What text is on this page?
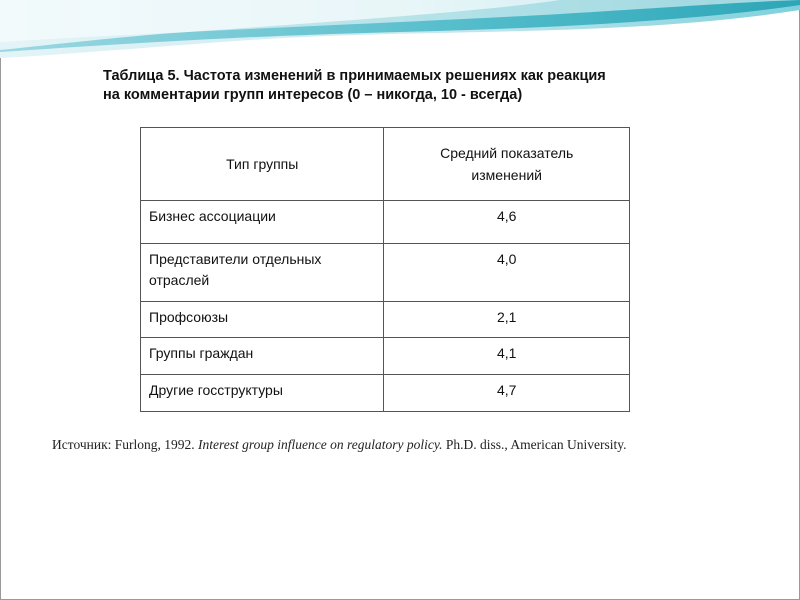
Таблица 5. Частота изменений в принимаемых решениях как реакция
на комментарии групп интересов (0 – никогда, 10 - всегда)
Тип группы	Средний показатель изменений
Бизнес ассоциации	4,6
Представители отдельных отраслей	4,0
Профсоюзы	2,1
Группы граждан	4,1
Другие госструктуры	4,7
Источник: Furlong, 1992. Interest group influence on regulatory policy. Ph.D. diss., American University.
